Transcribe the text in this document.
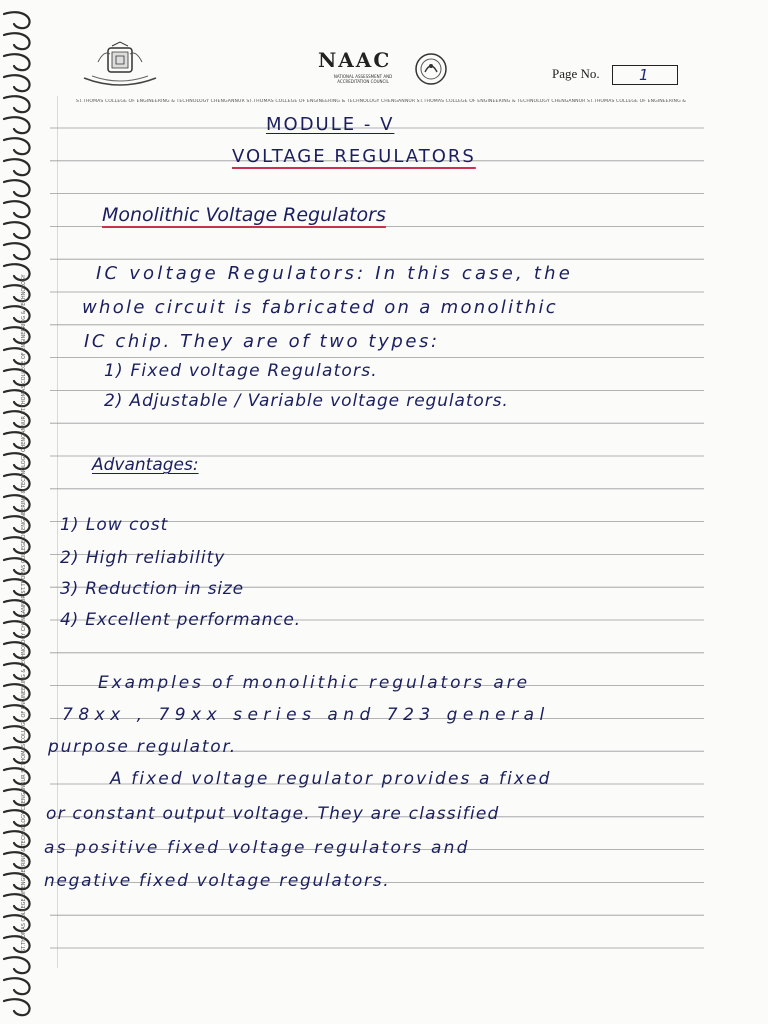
NAAC
NATIONAL ASSESSMENT AND ACCREDITATION COUNCIL
Page No.	1
ST.THOMAS COLLEGE OF ENGINEERING & TECHNOLOGY CHENGANNUR ST.THOMAS COLLEGE OF ENGINEERING & TECHNOLOGY CHENGANNUR ST.THOMAS COLLEGE OF ENGINEERING & TECHNOLOGY CHENGANNUR ST.THOMAS COLLEGE OF ENGINEERING &
ST.THOMAS COLLEGE OF ENGINEERING & TECHNOLOGY CHENGANNUR ST.THOMAS COLLEGE OF ENGINEERING & TECHNOLOGY CHENGANNUR ST.THOMAS COLLEGE OF ENGINEERING & TECHNOLOGY CHENGANNUR ST.THOMAS COLLEGE OF ENGINEERING & TECHNOLOGY
MODULE - V
VOLTAGE REGULATORS
Monolithic Voltage Regulators
IC voltage Regulators: In this case, the
whole circuit is fabricated on a monolithic
IC chip. They are of two types:
1) Fixed voltage Regulators.
2) Adjustable / Variable voltage regulators.
Advantages:
1) Low cost
2) High reliability
3) Reduction in size
4) Excellent performance.
Examples of monolithic regulators are
78xx , 79xx series and 723 general
purpose regulator.
A fixed voltage regulator provides a fixed
or constant output voltage. They are classified
as positive fixed voltage regulators and
negative fixed voltage regulators.
